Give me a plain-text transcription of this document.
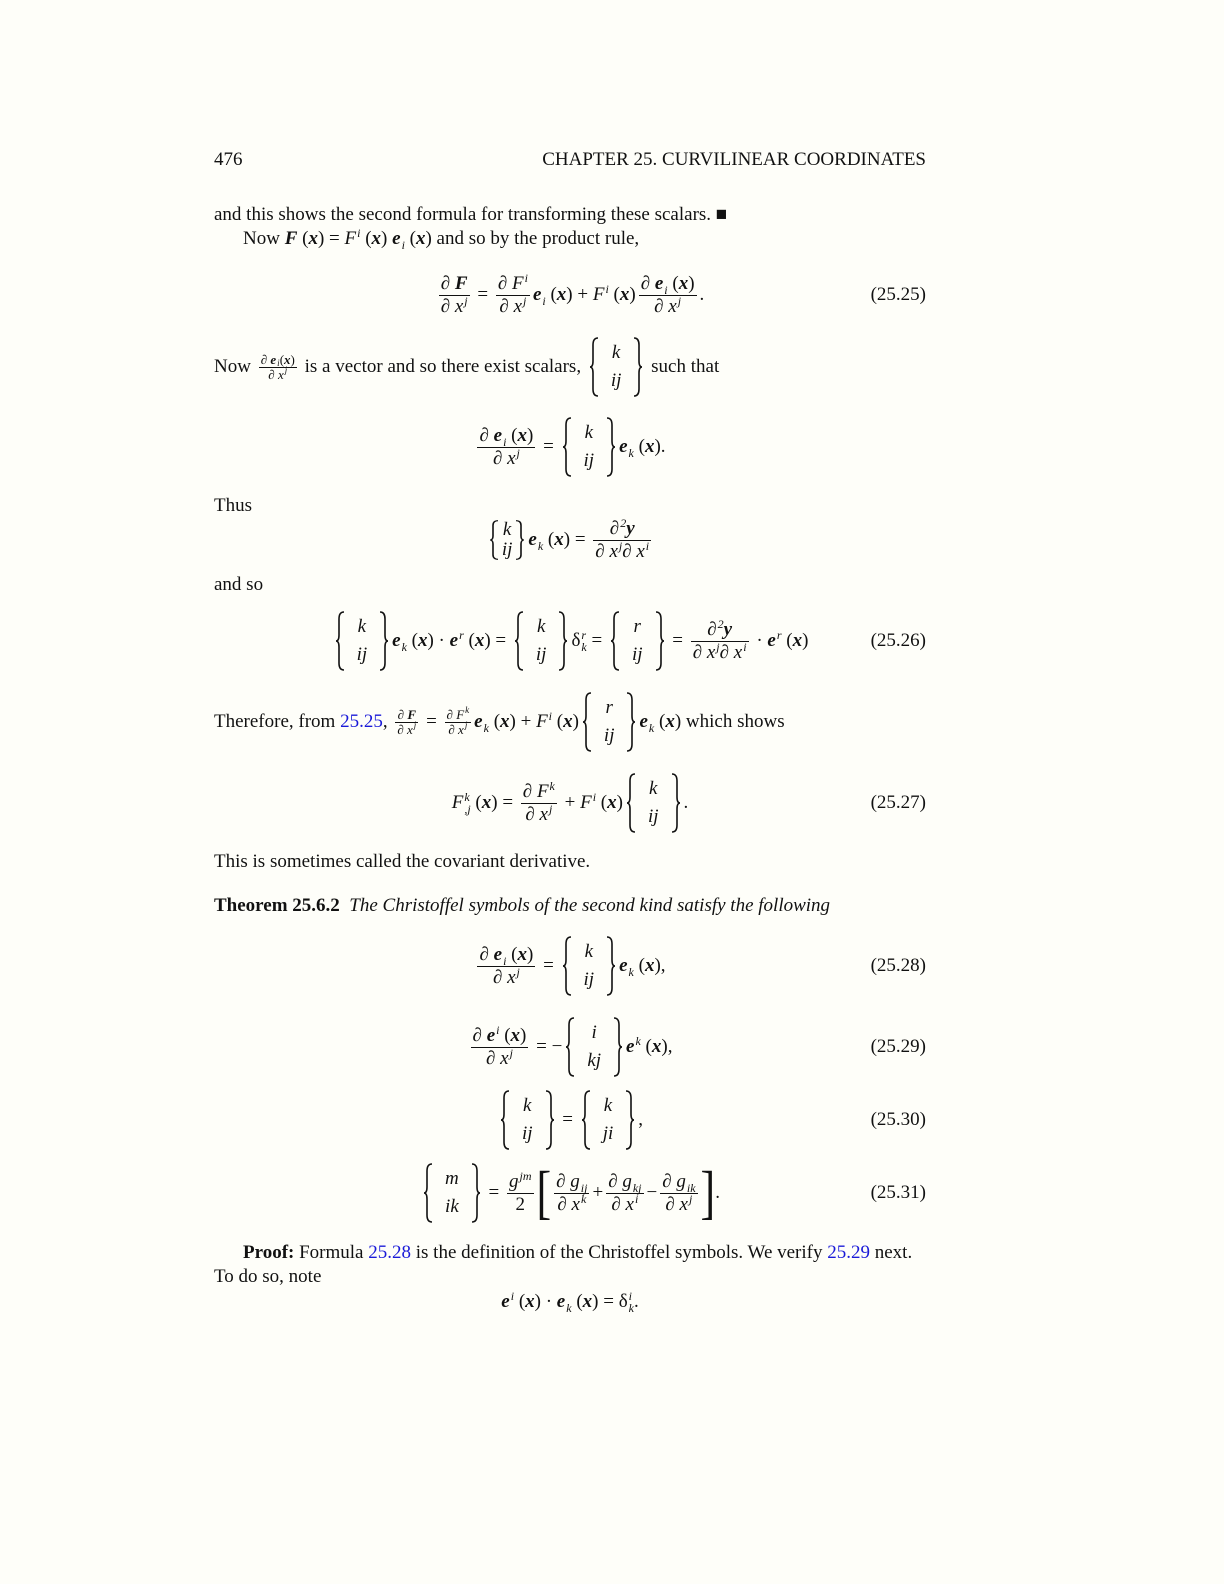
476	CHAPTER 25. CURVILINEAR COORDINATES
and this shows the second formula for transforming these scalars. ■
Now F ( x ) = F i ( x ) e i ( x ) and so by the product rule,
$\frac{\partial F}{\text{∂ x j}} = \frac{\text{∂ F i}}{\text{∂ x j}}$ e i ( x ) + F i ( x ) $\frac{\text{∂ e i ( x )}}{\text{∂ x j}}$ .	(25.25)
Now $\frac{\text{∂ e i ( x )}}{\text{∂ x j}}$ is a vector and so there exist scalars,
k
ij
such that
$\frac{\text{∂ e i ( x )}}{\text{∂ x j}}$ =
k
ij
e k ( x ).
Thus
k
ij e k ( x ) = $\frac{\partial 2 y}{\text{∂ x j ∂ x i}}$
and so
k
ij
e k ( x ) · e r ( x ) =
k
ij
δ r
k =
r
ij
= $\frac{\partial 2 y}{\text{∂ x j ∂ x i}} \cdot e$ r ( x )	(25.26)
Therefore, from 25.25 , $\frac{\partial F}{\text{∂ x j}} = \frac{\text{∂ F k}}{\text{∂ x j}}$ e k ( x ) + F i ( x )
r
ij
e k ( x ) which shows
F k
,j ( x ) = $\frac{\text{∂ F k}}{\text{∂ x j}} + F$ i ( x )
k
ij
.	(25.27)
This is sometimes called the covariant derivative.
Theorem 25.6.2
The Christoffel symbols of the second kind satisfy the following
$\frac{\text{∂ e i ( x )}}{\text{∂ x j}}$ =
k
ij
e k ( x ),	(25.28)
$\frac{\text{∂ e i ( x )}}{\text{∂ x j}}$ = −
i
kj
e k ( x ),	(25.29)
k
ij
=
k
ji
,	(25.30)
m
ik
= $\frac{\text{g jm}}{2}$ [ $\frac{\text{∂ g ij}}{\text{∂ x k}} + \frac{\text{∂ g kj}}{\text{∂ x i}} - \frac{\text{∂ g ik}}{\text{∂ x j}}$ ] .	(25.31)
Proof: Formula 25.28 is the definition of the Christoffel symbols. We verify 25.29 next.
To do so, note
e i ( x ) · e k ( x ) = δ i
k .
